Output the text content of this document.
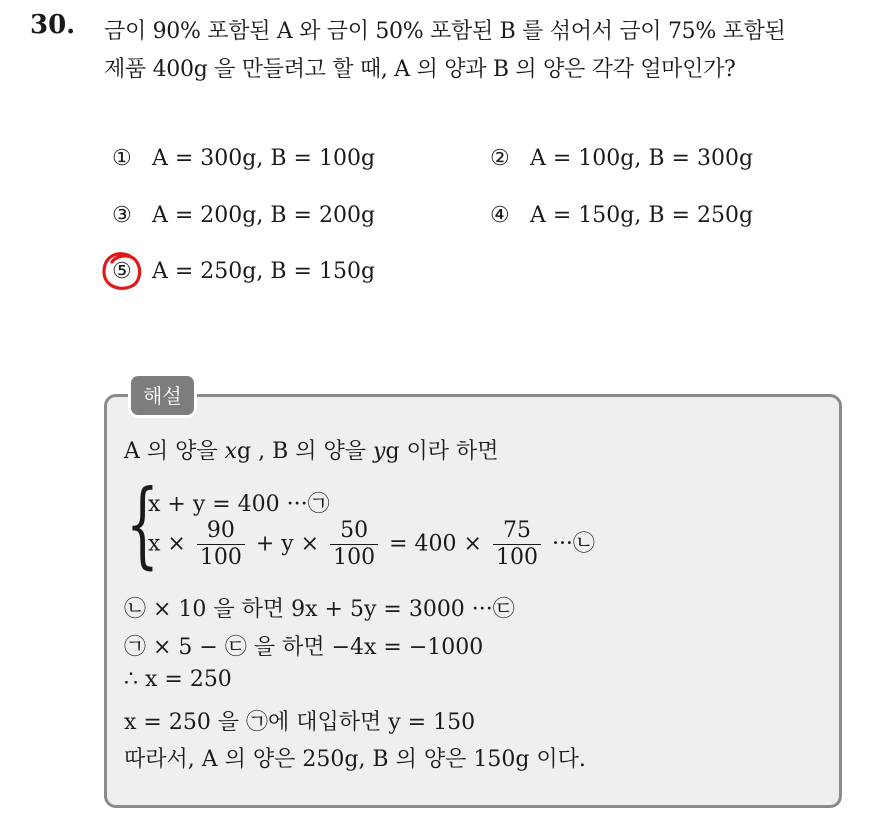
30. 금이 90% 포함된 A 와 금이 50% 포함된 B 를 섞어서 금이 75% 포함된
제품 400g 을 만들려고 할 때, A 의 양과 B 의 양은 각각 얼마인가?
① A = 300g, B = 100g	② A = 100g, B = 300g
③ A = 200g, B = 200g	④ A = 150g, B = 250g
⑤ A = 250g, B = 150g
해설
A 의 양을 xg , B 의 양을 yg 이라 하면
{
x + y = 400 ···㉠
$x \times \frac{90}{100} + y \times \frac{50}{100} = 400 \times \frac{75}{100}$ ···㉡
㉡ × 10 을 하면 9x + 5y = 3000 ···㉢
㉠ × 5 − ㉢ 을 하면 −4x = −1000
∴ x = 250
x = 250 을 ㉠에 대입하면 y = 150
따라서, A 의 양은 250g, B 의 양은 150g 이다.
